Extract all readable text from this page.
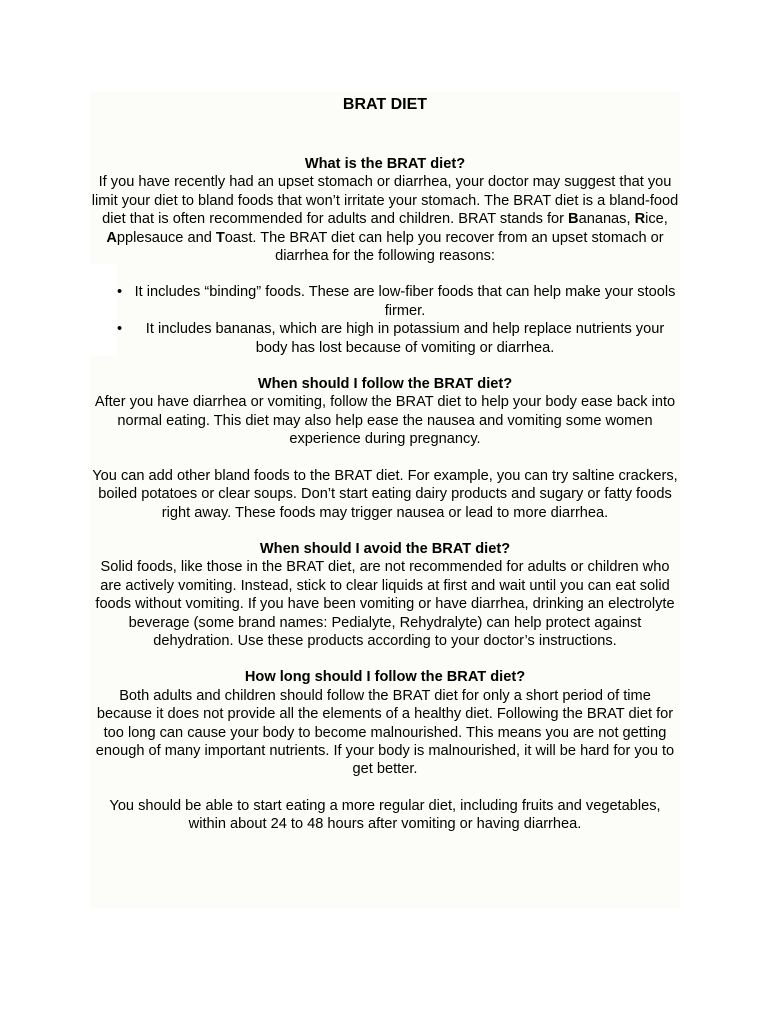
BRAT DIET

What is the BRAT diet?

If you have recently had an upset stomach or diarrhea, your doctor may suggest that you limit your diet to bland foods that won’t irritate your stomach. The BRAT diet is a bland-food diet that is often recommended for adults and children. BRAT stands for Bananas, Rice, Applesauce and Toast. The BRAT diet can help you recover from an upset stomach or diarrhea for the following reasons:

• It includes “binding” foods. These are low-fiber foods that can help make your stools firmer.
• It includes bananas, which are high in potassium and help replace nutrients your body has lost because of vomiting or diarrhea.

When should I follow the BRAT diet?

After you have diarrhea or vomiting, follow the BRAT diet to help your body ease back into normal eating. This diet may also help ease the nausea and vomiting some women experience during pregnancy.

You can add other bland foods to the BRAT diet. For example, you can try saltine crackers, boiled potatoes or clear soups. Don’t start eating dairy products and sugary or fatty foods right away. These foods may trigger nausea or lead to more diarrhea.

When should I avoid the BRAT diet?

Solid foods, like those in the BRAT diet, are not recommended for adults or children who are actively vomiting. Instead, stick to clear liquids at first and wait until you can eat solid foods without vomiting. If you have been vomiting or have diarrhea, drinking an electrolyte beverage (some brand names: Pedialyte, Rehydralyte) can help protect against dehydration. Use these products according to your doctor’s instructions.

How long should I follow the BRAT diet?

Both adults and children should follow the BRAT diet for only a short period of time because it does not provide all the elements of a healthy diet. Following the BRAT diet for too long can cause your body to become malnourished. This means you are not getting enough of many important nutrients. If your body is malnourished, it will be hard for you to get better.

You should be able to start eating a more regular diet, including fruits and vegetables, within about 24 to 48 hours after vomiting or having diarrhea.
